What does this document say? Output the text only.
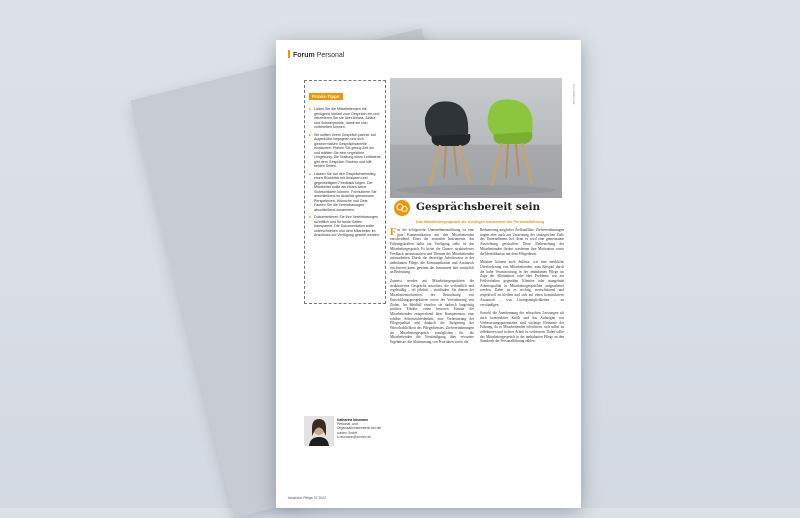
Forum Personal
Praxis-Tipps
■ Laden Sie die Mitarbeitenden mit genügend Vorlauf zum Gespräch ein und informieren Sie sie über Anlass, Ablauf und Schwerpunkte, damit sie sich vorbereiten können.
■ Sie sollten Ihrem Gespräch partner auf Augenhöhe begegnen und sich gleichermaßen Gesprächsanteile einräumen. Planen Sie genug Zeit ein und wählen Sie eine ungestörte Umgebung. Die Nutzung eines Leitfadens gibt dem Gespräch Struktur und hilft beiden Seiten.
■ Lassen Sie auf den Gesprächseinstieg einen Rückblick mit Analysen und gegenseitigem Feedback folgen. Der Mitarbeiter sollte als erstes seine Sichtschildern können. Formulieren Sie anschließend im Ausblick gemeinsam Perspektiven, Wünsche und Ziele. Fassen Sie die Vereinbarungen abschließend zusammen.
■ Dokumentieren Sie Ihre Vereinbarungen schriftlich und für beide Seiten transparent. Die Dokumentation sollte unterschrieben und dem Mitarbeiter im Anschluss zur Verfügung gestellt werden.
Foto: Adobe Stock
Gesprächsbereit sein
Das Mitarbeitergespräch als wichtiges Instrument der Personalführung

Für die erfolgreiche Unternehmensführung ist eine gute Kommunikation mit den Mitarbeitenden entscheidend. Eines der zentralen Instrumente, das Führungskräften dafür zur Verfügung steht, ist das Mitarbeitergespräch. Es bietet die Chance, strukturiertes Feedback auszutauschen und Themen der Mitarbeitenden aufzuarbeiten. Durch die derzeitige Arbeitsweise in der ambulanten Pflege, die Kommunikation und Austausch erschweren kann, gewinnt das Instrument hier zusätzlich an Bedeutung.

Zumeist werden mit Mitarbeitergesprächen die strukturierten Gespräche assoziiert, die verbindlich und regelmäßig – oft jährlich – stattfinden. Sie dienen der Mitarbeitermotivation, der Betrachtung von Entwicklungsperspektiven sowie der Vereinbarung von Zielen. Im Idealfall erzielen sie dadurch langfristig positive Effekte: einen besseren Einsatz der Mitarbeitenden entsprechend ihrer Kompetenzen, eine erhöhte Arbeitszufriedenheit, eine Verbesserung der Pflegequalität und dadurch die Steigerung der Wirtschaftlichkeit des Pflegedienstes. Zielvereinbarungen im Mitarbeitergespräch ermöglichen für die Mitarbeitenden die Verständigung über erwartete Ergebnisse, die Abstimmung von Prioritäten sowie die

Reduzierung möglicher Zielkonflikte. Zielvereinbarungen tragen aber auch zur Umsetzung der strategischen Ziele des Unternehmens bei, denn es wird eine gemeinsame Ausrichtung geschaffen. Diese Einbeziehung der Mitarbeitenden fördert wiederum ihre Motivation sowie die Identifikation mit dem Pflegedienst.

Mitunter können auch Anlässe, wie eine merkliche Überforderung von Mitarbeitenden, zum Beispiel durch die hohe Verantwortung in der ambulanten Pflege im Zuge der Alleinarbeit, oder aber Probleme, wie ein Fehlverhalten gegenüber Klienten oder mangelnde Arbeitsqualität in Mitarbeitergesprächen aufgearbeitet werden. Dabei ist es wichtig, wertschätzend und respektvoll zu bleiben und sich auf einen konstruktiven Austausch – was Lösungsmöglichkeiten – zu verständigen.

Sowohl die Anerkennung der erbrachten Leistungen als auch konstruktive Kritik und das Aufzeigen von Verbesserungspotenzialen sind wichtige Elemente der Führung, da es Mitarbeitenden erleichtern, sich selbst zu reflektieren und in ihrer Arbeit zu verbessern. Daher sollte das Mitarbeitergespräch in der ambulanten Pflege an den Standards der Personalführung zählen.

Katharina Neumann
Personal- und Organisationsberaterin bei der contec GmbH
k.neumann@contec.de
häusliche Pflege 07.2022
